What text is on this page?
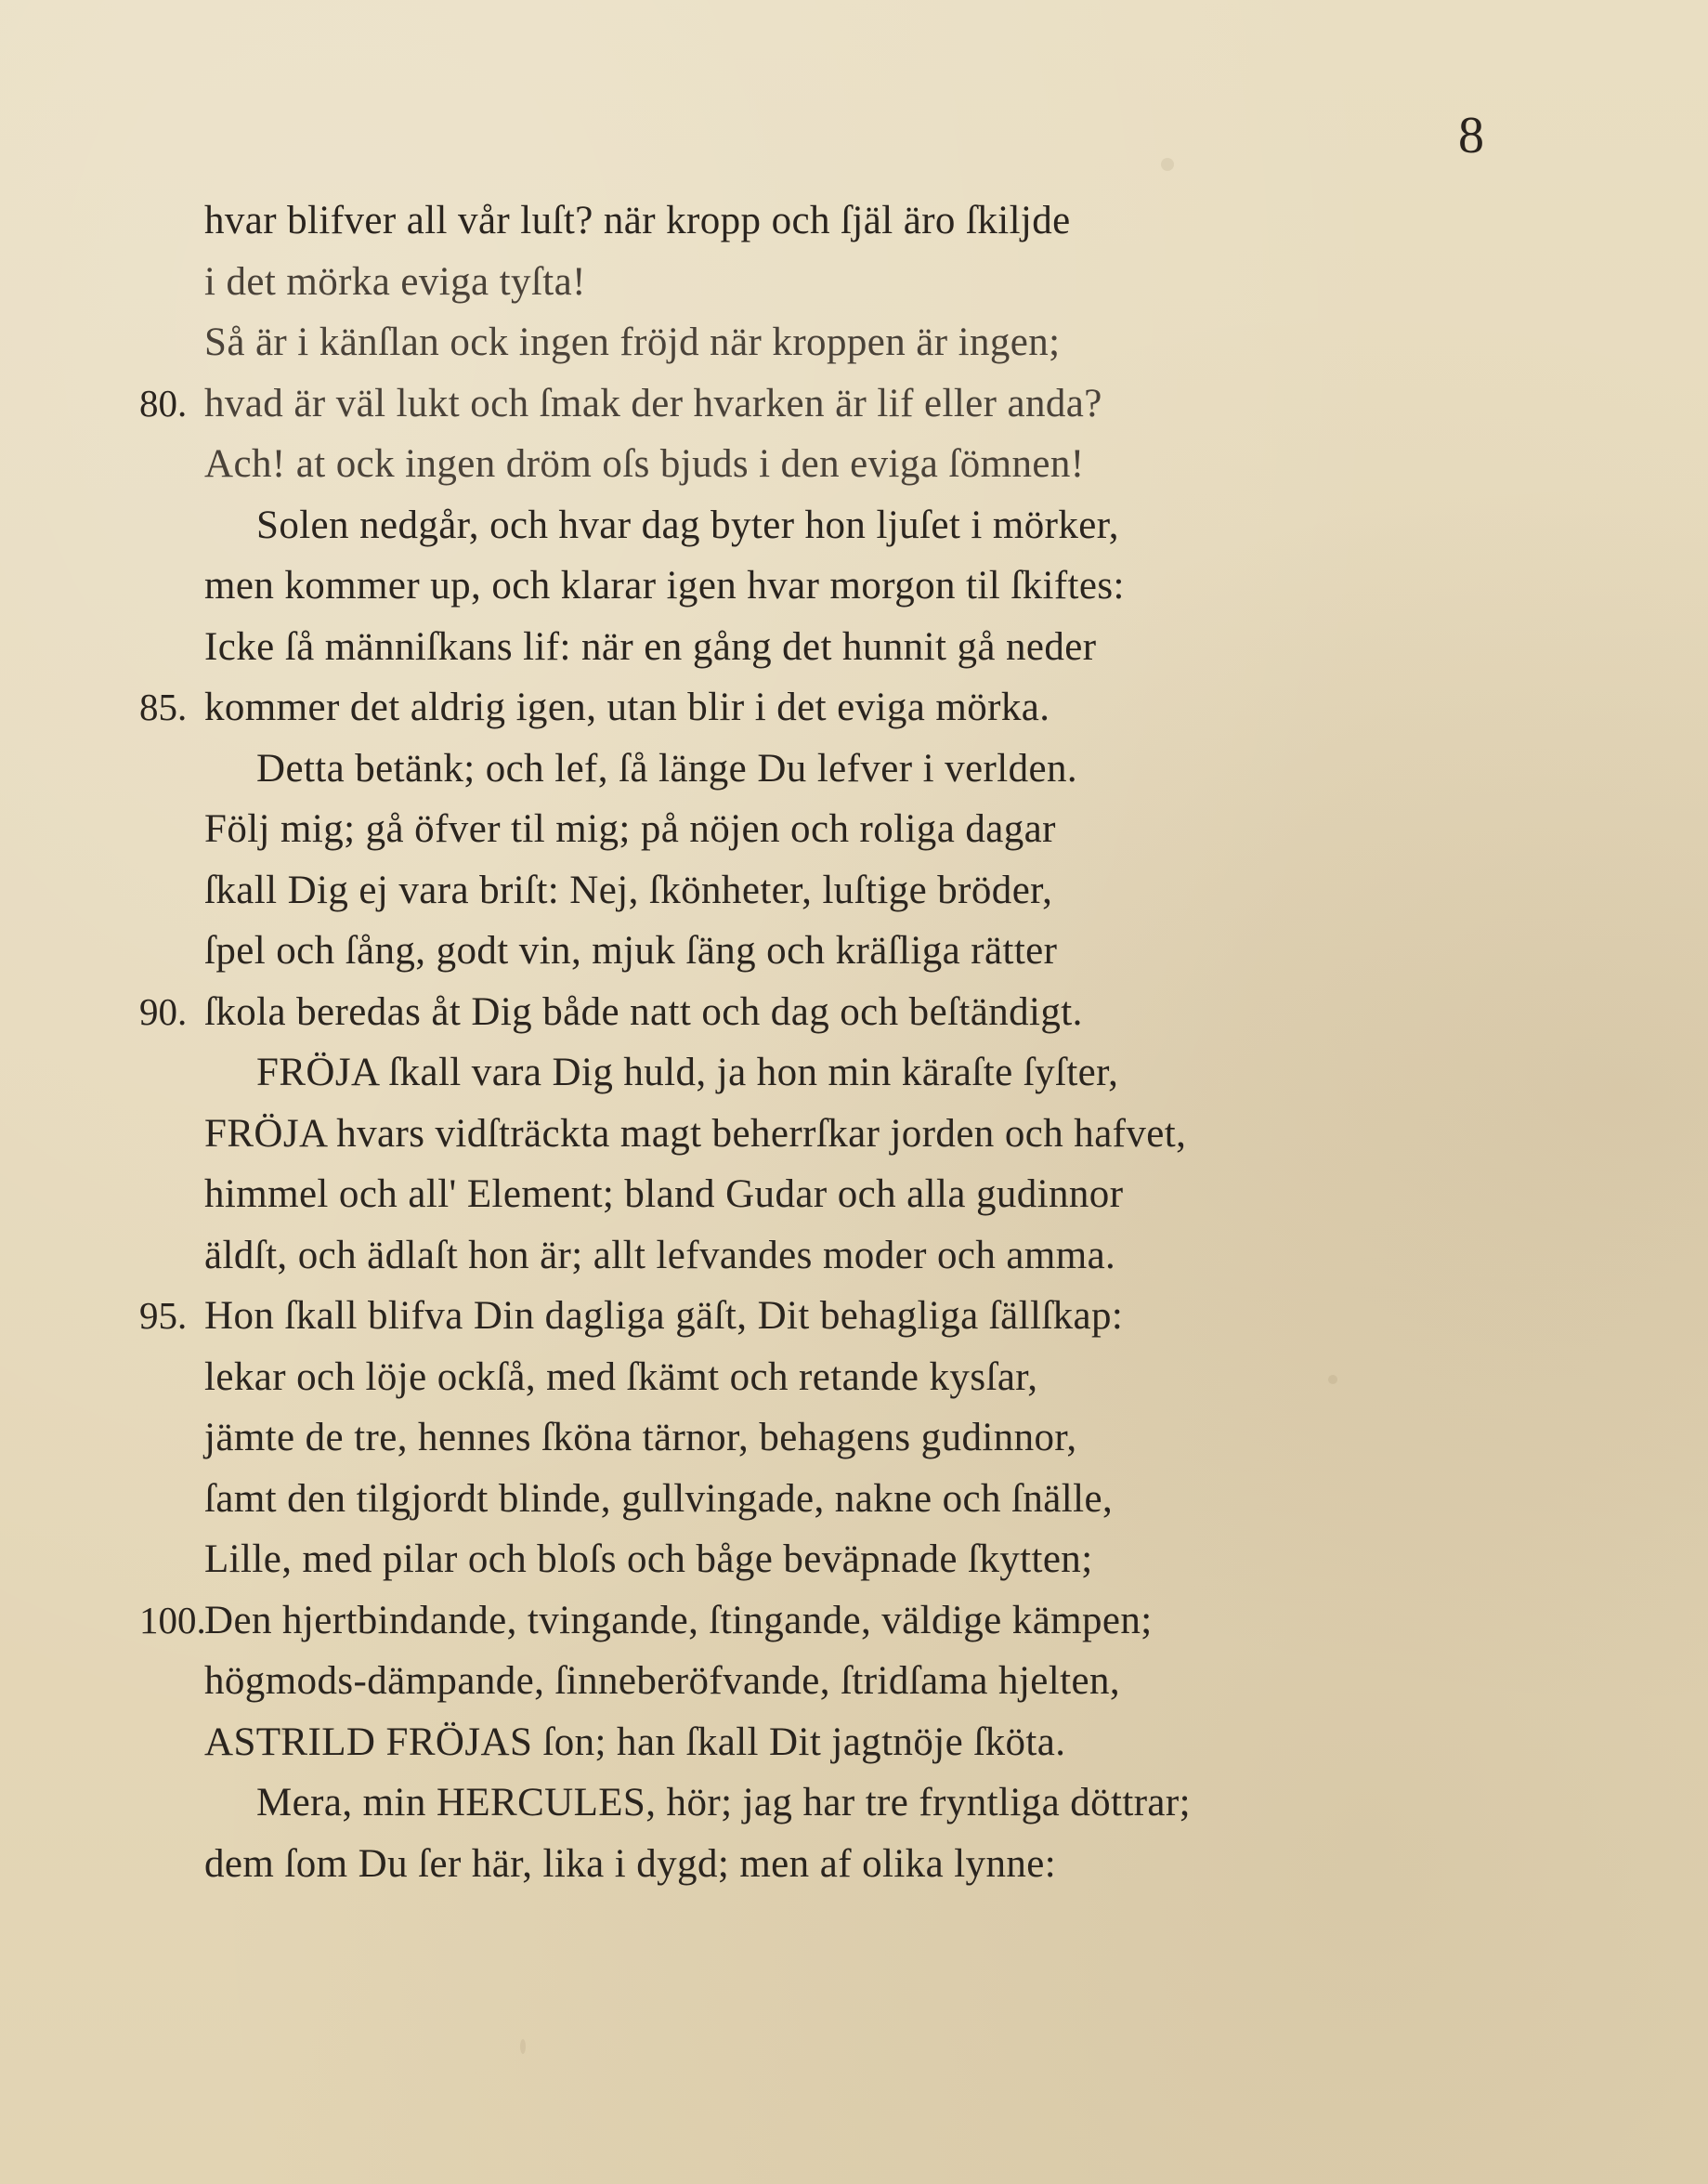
8
hvar blifver all vår luſt? när kropp och ſjäl äro ſkiljde
i det mörka eviga tyſta!
Så är i känſlan ock ingen fröjd när kroppen är ingen;
80. hvad är väl lukt och ſmak der hvarken är lif eller anda?
Ach! at ock ingen dröm oſs bjuds i den eviga ſömnen!
Solen nedgår, och hvar dag byter hon ljuſet i mörker,
men kommer up, och klarar igen hvar morgon til ſkiftes:
Icke ſå männiſkans lif: när en gång det hunnit gå neder
85. kommer det aldrig igen, utan blir i det eviga mörka.
Detta betänk; och lef, ſå länge Du lefver i verlden.
Följ mig; gå öfver til mig; på nöjen och roliga dagar
ſkall Dig ej vara briſt: Nej, ſkönheter, luſtige bröder,
ſpel och ſång, godt vin, mjuk ſäng och kräſliga rätter
90. ſkola beredas åt Dig både natt och dag och beſtändigt.
FRÖJA ſkall vara Dig huld, ja hon min käraſte ſyſter,
FRÖJA hvars vidſträckta magt beherrſkar jorden och hafvet,
himmel och all' Element; bland Gudar och alla gudinnor
äldſt, och ädlaſt hon är; allt lefvandes moder och amma.
95. Hon ſkall blifva Din dagliga gäſt, Dit behagliga ſällſkap:
lekar och löje ockſå, med ſkämt och retande kysſar,
jämte de tre, hennes ſköna tärnor, behagens gudinnor,
ſamt den tilgjordt blinde, gullvingade, nakne och ſnälle,
Lille, med pilar och bloſs och båge beväpnade ſkytten;
100.
Den hjertbindande, tvingande, ſtingande, väldige kämpen;
högmods-dämpande, ſinneberöfvande, ſtridſama hjelten,
ASTRILD FRÖJAS ſon; han ſkall Dit jagtnöje ſköta.
Mera, min HERCULES, hör; jag har tre fryntliga döttrar;
dem ſom Du ſer här, lika i dygd; men af olika lynne:
